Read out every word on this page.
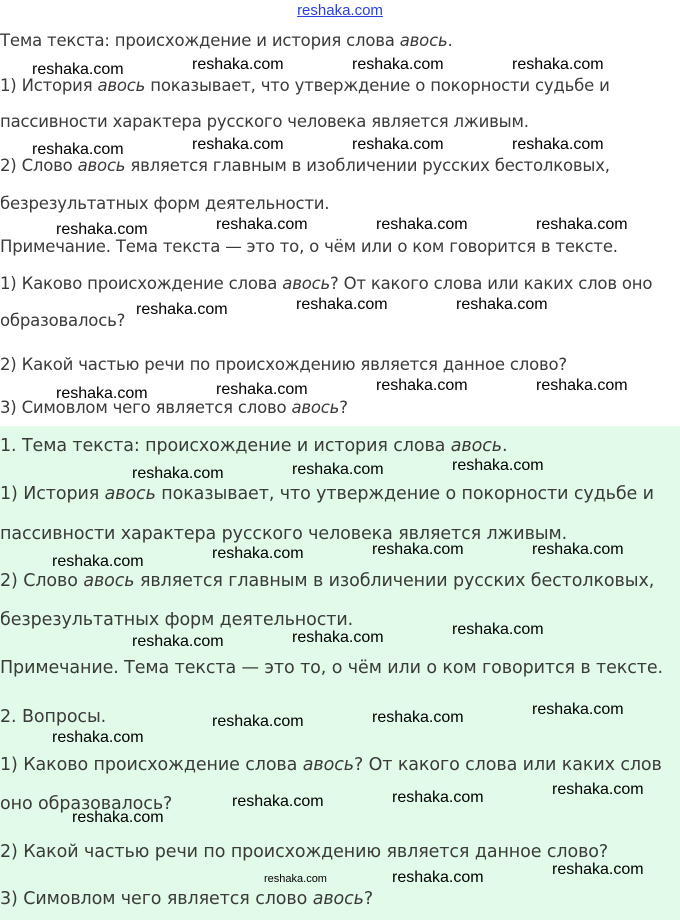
reshaka.com
Тема текста: происхождение и история слова авось.
1) История авось показывает, что утверждение о покорности судьбе и
пассивности характера русского человека является лживым.
2) Слово авось является главным в изобличении русских бестолковых,
безрезультатных форм деятельности.
Примечание. Тема текста — это то, о чём или о ком говорится в тексте.
1) Каково происхождение слова авось? От какого слова или каких слов оно
образовалось?
2) Какой частью речи по происхождению является данное слово?
3) Симовлом чего является слово авось?
1. Тема текста: происхождение и история слова авось.
1) История авось показывает, что утверждение о покорности судьбе и
пассивности характера русского человека является лживым.
2) Слово авось является главным в изобличении русских бестолковых,
безрезультатных форм деятельности.
Примечание. Тема текста — это то, о чём или о ком говорится в тексте.
2. Вопросы.
1) Каково происхождение слова авось? От какого слова или каких слов
оно образовалось?
2) Какой частью речи по происхождению является данное слово?
3) Симовлом чего является слово авось?
reshaka.com	reshaka.com	reshaka.com	reshaka.com
reshaka.com	reshaka.com	reshaka.com	reshaka.com
reshaka.com	reshaka.com	reshaka.com	reshaka.com
reshaka.com	reshaka.com	reshaka.com
reshaka.com	reshaka.com	reshaka.com	reshaka.com
reshaka.com	reshaka.com	reshaka.com
reshaka.com	reshaka.com	reshaka.com	reshaka.com
reshaka.com	reshaka.com	reshaka.com
reshaka.com	reshaka.com	reshaka.com
reshaka.com
reshaka.com	reshaka.com	reshaka.com
reshaka.com
reshaka.com	reshaka.com	reshaka.com
